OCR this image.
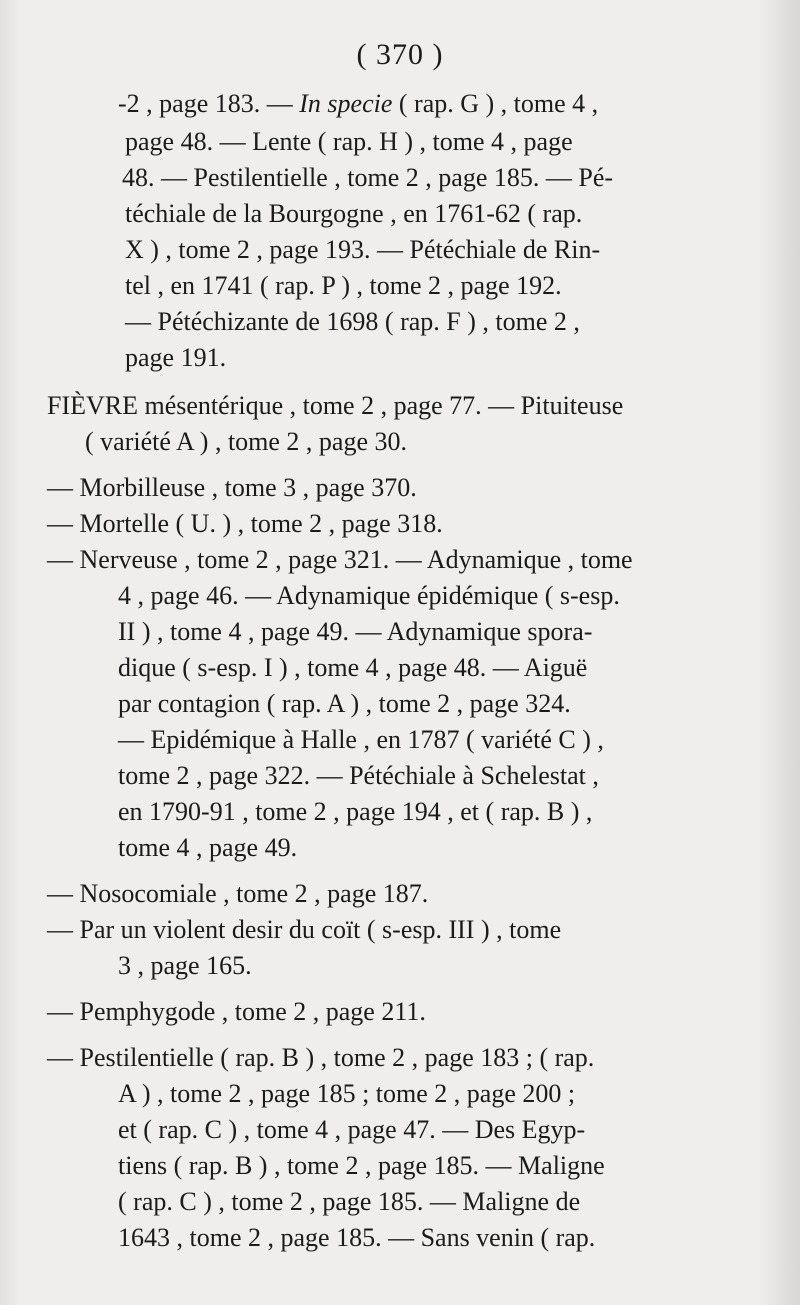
( 370 )
-2 , page 183. — In specie ( rap. G ) , tome 4 ,
page 48. — Lente ( rap. H ) , tome 4 , page
48. — Pestilentielle , tome 2 , page 185. — Pé-
téchiale de la Bourgogne , en 1761-62 ( rap.
X ) , tome 2 , page 193. — Pétéchiale de Rin-
tel , en 1741 ( rap. P ) , tome 2 , page 192.
— Pétéchizante de 1698 ( rap. F ) , tome 2 ,
page 191.
FIÈVRE mésentérique , tome 2 , page 77. — Pituiteuse
( variété A ) , tome 2 , page 30.
— Morbilleuse , tome 3 , page 370.
— Mortelle ( U. ) , tome 2 , page 318.
— Nerveuse , tome 2 , page 321. — Adynamique , tome
4 , page 46. — Adynamique épidémique ( s-esp.
II ) , tome 4 , page 49. — Adynamique spora-
dique ( s-esp. I ) , tome 4 , page 48. — Aiguë
par contagion ( rap. A ) , tome 2 , page 324.
— Epidémique à Halle , en 1787 ( variété C ) ,
tome 2 , page 322. — Pétéchiale à Schelestat ,
en 1790-91 , tome 2 , page 194 , et ( rap. B ) ,
tome 4 , page 49.
— Nosocomiale , tome 2 , page 187.
— Par un violent desir du coït ( s-esp. III ) , tome
3 , page 165.
— Pemphygode , tome 2 , page 211.
— Pestilentielle ( rap. B ) , tome 2 , page 183 ; ( rap.
A ) , tome 2 , page 185 ; tome 2 , page 200 ;
et ( rap. C ) , tome 4 , page 47. — Des Egyp-
tiens ( rap. B ) , tome 2 , page 185. — Maligne
( rap. C ) , tome 2 , page 185. — Maligne de
1643 , tome 2 , page 185. — Sans venin ( rap.
